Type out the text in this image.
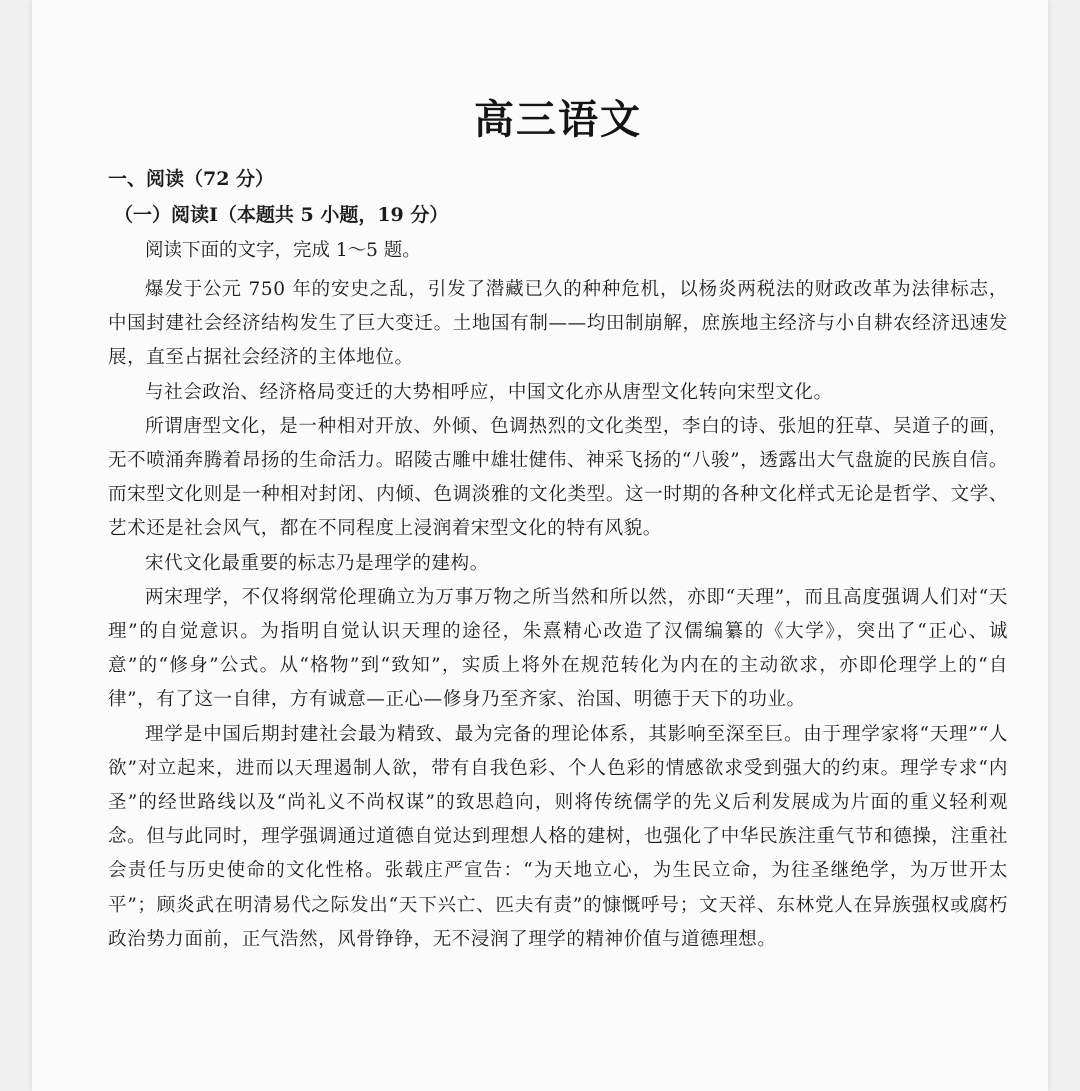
高三语文
一、阅读（72 分）
（一）阅读I（本题共 5 小题，19 分）

阅读下面的文字，完成 1～5 题。

爆发于公元 750 年的安史之乱，引发了潜藏已久的种种危机，以杨炎两税法的财政改革为法律标志，中国封建社会经济结构发生了巨大变迁。土地国有制——均田制崩解，庶族地主经济与小自耕农经济迅速发展，直至占据社会经济的主体地位。

与社会政治、经济格局变迁的大势相呼应，中国文化亦从唐型文化转向宋型文化。

所谓唐型文化，是一种相对开放、外倾、色调热烈的文化类型，李白的诗、张旭的狂草、吴道子的画，无不喷涌奔腾着昂扬的生命活力。昭陵古雕中雄壮健伟、神采飞扬的“八骏”，透露出大气盘旋的民族自信。而宋型文化则是一种相对封闭、内倾、色调淡雅的文化类型。这一时期的各种文化样式无论是哲学、文学、艺术还是社会风气，都在不同程度上浸润着宋型文化的特有风貌。

宋代文化最重要的标志乃是理学的建构。

两宋理学，不仅将纲常伦理确立为万事万物之所当然和所以然，亦即“天理”，而且高度强调人们对“天理”的自觉意识。为指明自觉认识天理的途径，朱熹精心改造了汉儒编纂的《大学》，突出了“正心、诚意”的“修身”公式。从“格物”到“致知”，实质上将外在规范转化为内在的主动欲求，亦即伦理学上的“自律”，有了这一自律，方有诚意—正心—修身乃至齐家、治国、明德于天下的功业。

理学是中国后期封建社会最为精致、最为完备的理论体系，其影响至深至巨。由于理学家将“天理”“人欲”对立起来，进而以天理遏制人欲，带有自我色彩、个人色彩的情感欲求受到强大的约束。理学专求“内圣”的经世路线以及“尚礼义不尚权谋”的致思趋向，则将传统儒学的先义后利发展成为片面的重义轻利观念。但与此同时，理学强调通过道德自觉达到理想人格的建树，也强化了中华民族注重气节和德操，注重社会责任与历史使命的文化性格。张载庄严宣告：“为天地立心，为生民立命，为往圣继绝学，为万世开太平”；顾炎武在明清易代之际发出“天下兴亡、匹夫有责”的慷慨呼号；文天祥、东林党人在异族强权或腐朽政治势力面前，正气浩然，风骨铮铮，无不浸润了理学的精神价值与道德理想。
